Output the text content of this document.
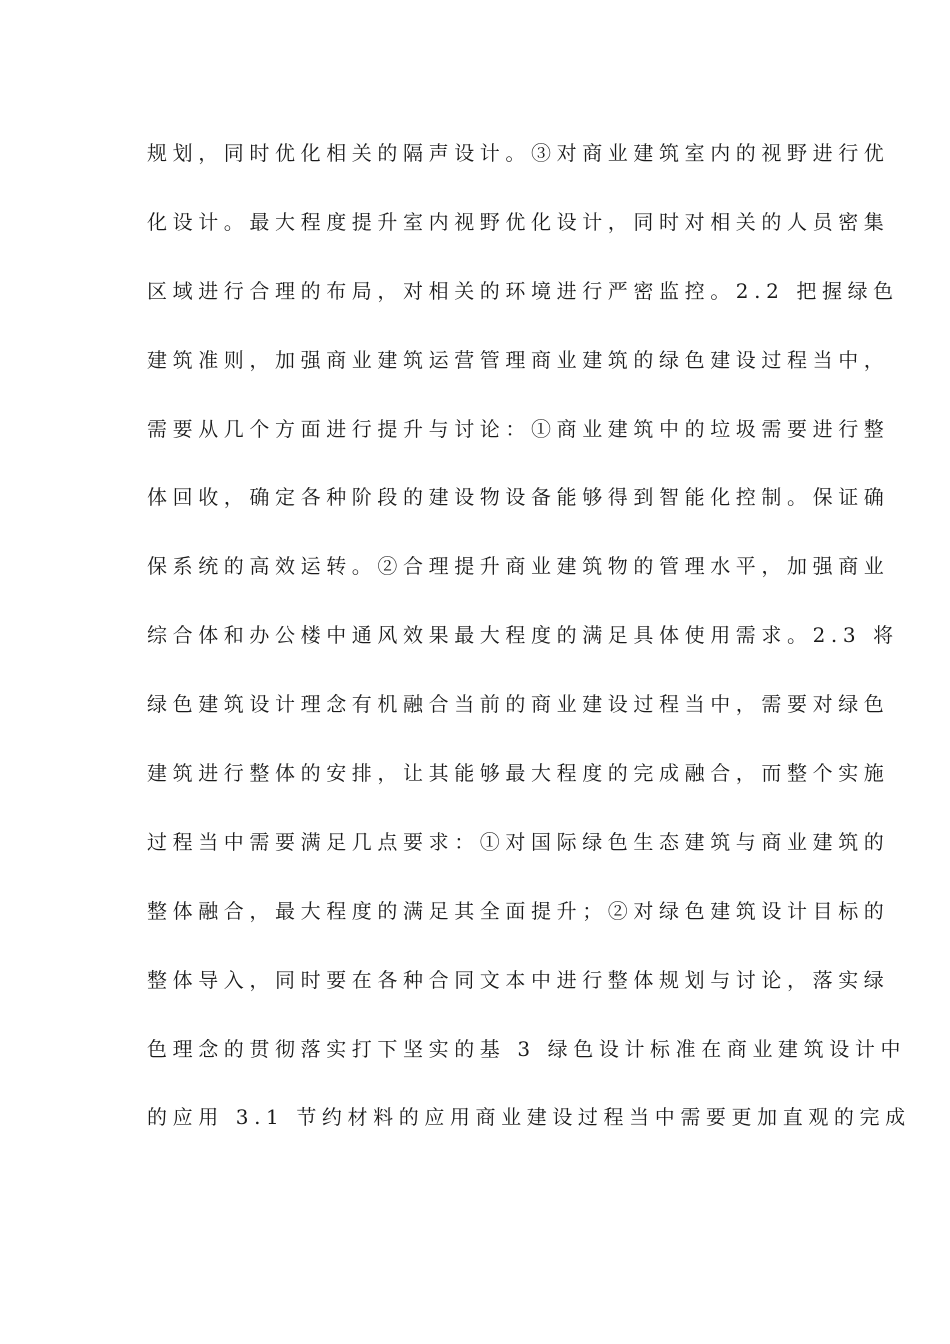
规划，同时优化相关的隔声设计。③对商业建筑室内的视野进行优
化设计。最大程度提升室内视野优化设计，同时对相关的人员密集
区域进行合理的布局，对相关的环境进行严密监控。2.2 把握绿色
建筑准则，加强商业建筑运营管理商业建筑的绿色建设过程当中，
需要从几个方面进行提升与讨论：①商业建筑中的垃圾需要进行整
体回收，确定各种阶段的建设物设备能够得到智能化控制。保证确
保系统的高效运转。②合理提升商业建筑物的管理水平，加强商业
综合体和办公楼中通风效果最大程度的满足具体使用需求。2.3 将
绿色建筑设计理念有机融合当前的商业建设过程当中，需要对绿色
建筑进行整体的安排，让其能够最大程度的完成融合，而整个实施
过程当中需要满足几点要求：①对国际绿色生态建筑与商业建筑的
整体融合，最大程度的满足其全面提升；②对绿色建筑设计目标的
整体导入，同时要在各种合同文本中进行整体规划与讨论，落实绿
色理念的贯彻落实打下坚实的基 3 绿色设计标准在商业建筑设计中
的应用 3.1 节约材料的应用商业建设过程当中需要更加直观的完成
